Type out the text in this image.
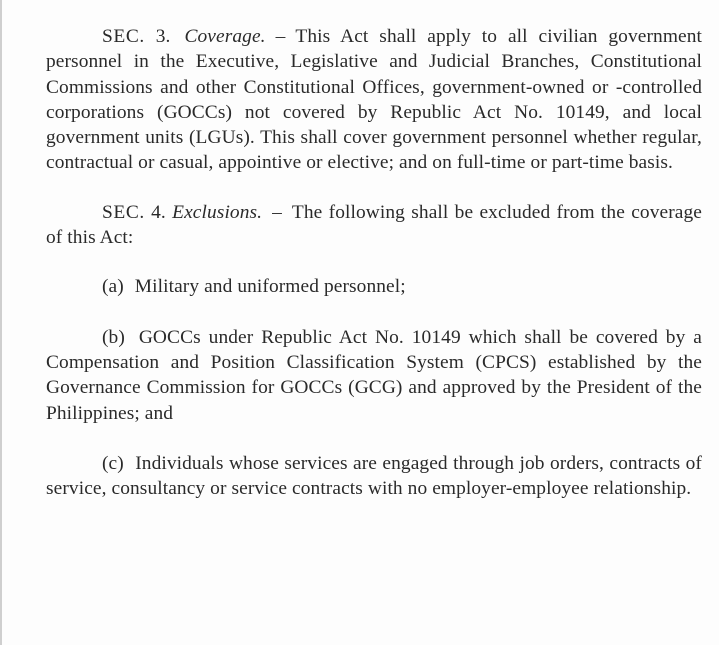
SEC. 3. Coverage. – This Act shall apply to all civilian government personnel in the Executive, Legislative and Judicial Branches, Constitutional Commissions and other Constitutional Offices, government-owned or -controlled corporations (GOCCs) not covered by Republic Act No. 10149, and local government units (LGUs). This shall cover government personnel whether regular, contractual or casual, appointive or elective; and on full-time or part-time basis.

SEC. 4. Exclusions. – The following shall be excluded from the coverage of this Act:

(a) Military and uniformed personnel;

(b) GOCCs under Republic Act No. 10149 which shall be covered by a Compensation and Position Classification System (CPCS) established by the Governance Commission for GOCCs (GCG) and approved by the President of the Philippines; and

(c) Individuals whose services are engaged through job orders, contracts of service, consultancy or service contracts with no employer-employee relationship.
